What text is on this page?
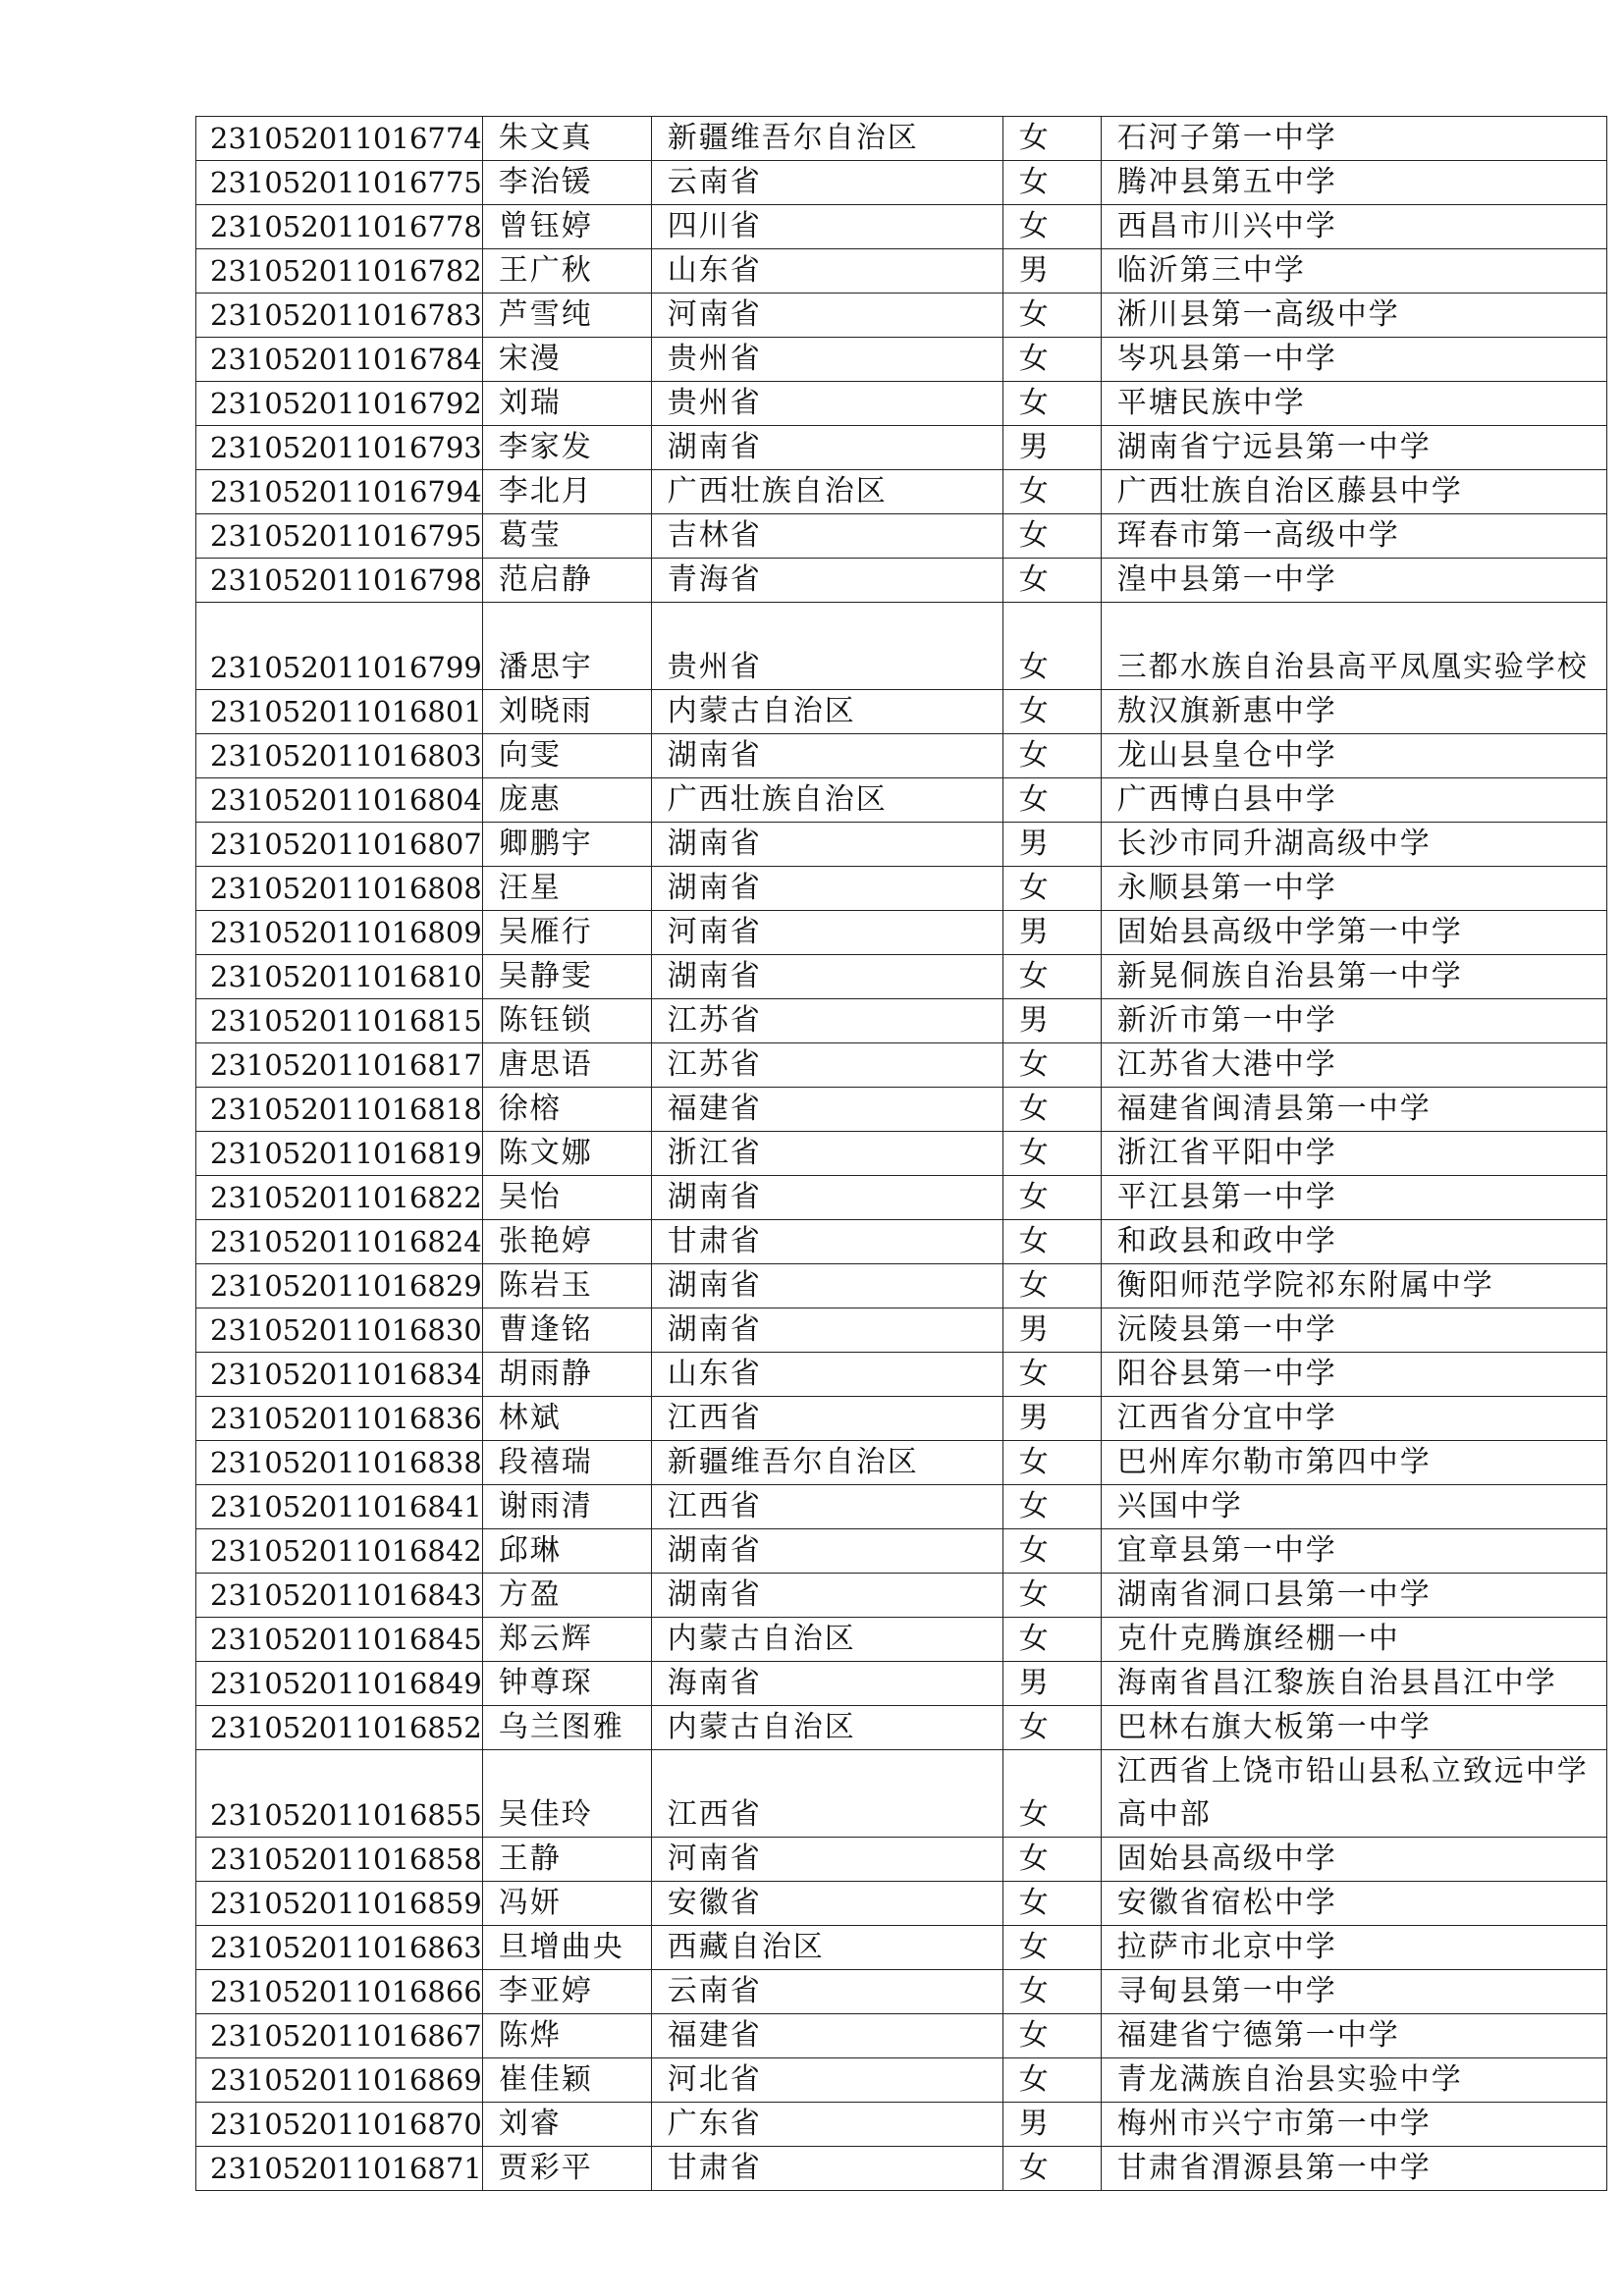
231052011016774	朱文真	新疆维吾尔自治区	女	石河子第一中学
231052011016775	李治锾	云南省	女	腾冲县第五中学
231052011016778	曾钰婷	四川省	女	西昌市川兴中学
231052011016782	王广秋	山东省	男	临沂第三中学
231052011016783	芦雪纯	河南省	女	淅川县第一高级中学
231052011016784	宋漫	贵州省	女	岑巩县第一中学
231052011016792	刘瑞	贵州省	女	平塘民族中学
231052011016793	李家发	湖南省	男	湖南省宁远县第一中学
231052011016794	李北月	广西壮族自治区	女	广西壮族自治区藤县中学
231052011016795	葛莹	吉林省	女	珲春市第一高级中学
231052011016798	范启静	青海省	女	湟中县第一中学
231052011016799	潘思宇	贵州省	女	三都水族自治县高平凤凰实验学校
231052011016801	刘晓雨	内蒙古自治区	女	敖汉旗新惠中学
231052011016803	向雯	湖南省	女	龙山县皇仓中学
231052011016804	庞惠	广西壮族自治区	女	广西博白县中学
231052011016807	卿鹏宇	湖南省	男	长沙市同升湖高级中学
231052011016808	汪星	湖南省	女	永顺县第一中学
231052011016809	吴雁行	河南省	男	固始县高级中学第一中学
231052011016810	吴静雯	湖南省	女	新晃侗族自治县第一中学
231052011016815	陈钰锁	江苏省	男	新沂市第一中学
231052011016817	唐思语	江苏省	女	江苏省大港中学
231052011016818	徐榕	福建省	女	福建省闽清县第一中学
231052011016819	陈文娜	浙江省	女	浙江省平阳中学
231052011016822	吴怡	湖南省	女	平江县第一中学
231052011016824	张艳婷	甘肃省	女	和政县和政中学
231052011016829	陈岩玉	湖南省	女	衡阳师范学院祁东附属中学
231052011016830	曹逢铭	湖南省	男	沅陵县第一中学
231052011016834	胡雨静	山东省	女	阳谷县第一中学
231052011016836	林斌	江西省	男	江西省分宜中学
231052011016838	段禧瑞	新疆维吾尔自治区	女	巴州库尔勒市第四中学
231052011016841	谢雨清	江西省	女	兴国中学
231052011016842	邱琳	湖南省	女	宜章县第一中学
231052011016843	方盈	湖南省	女	湖南省洞口县第一中学
231052011016845	郑云辉	内蒙古自治区	女	克什克腾旗经棚一中
231052011016849	钟尊琛	海南省	男	海南省昌江黎族自治县昌江中学
231052011016852	乌兰图雅	内蒙古自治区	女	巴林右旗大板第一中学
231052011016855	吴佳玲	江西省	女	江西省上饶市铅山县私立致远中学高中部
231052011016858	王静	河南省	女	固始县高级中学
231052011016859	冯妍	安徽省	女	安徽省宿松中学
231052011016863	旦增曲央	西藏自治区	女	拉萨市北京中学
231052011016866	李亚婷	云南省	女	寻甸县第一中学
231052011016867	陈烨	福建省	女	福建省宁德第一中学
231052011016869	崔佳颖	河北省	女	青龙满族自治县实验中学
231052011016870	刘睿	广东省	男	梅州市兴宁市第一中学
231052011016871	贾彩平	甘肃省	女	甘肃省渭源县第一中学
